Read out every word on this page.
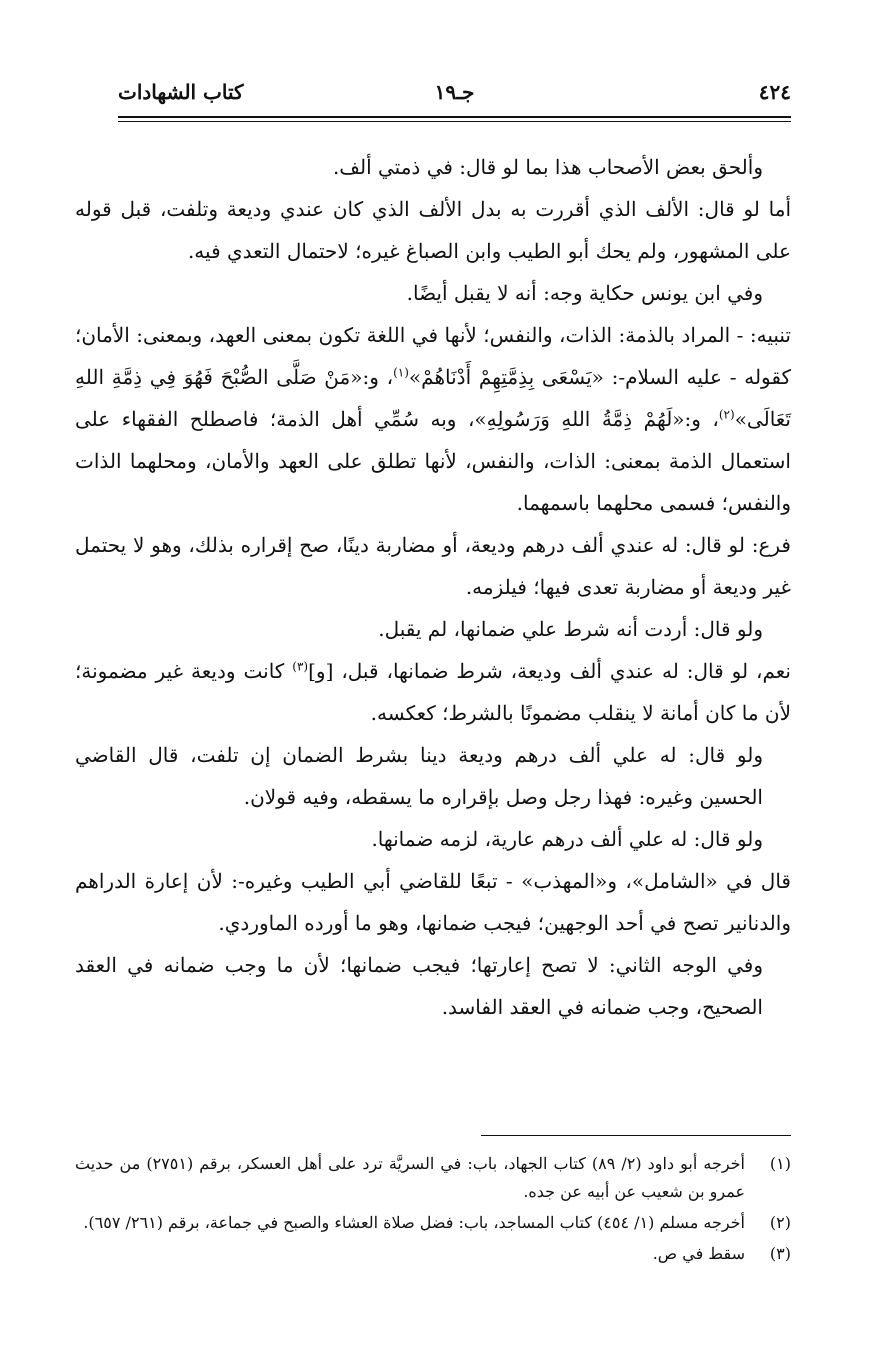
٤٢٤
جـ١٩
كتاب الشهادات

وألحق بعض الأصحاب هذا بما لو قال: في ذمتي ألف.

أما لو قال: الألف الذي أقررت به بدل الألف الذي كان عندي وديعة وتلفت، قبل قوله على المشهور، ولم يحك أبو الطيب وابن الصباغ غيره؛ لاحتمال التعدي فيه.

وفي ابن يونس حكاية وجه: أنه لا يقبل أيضًا.

تنبيه: - المراد بالذمة: الذات، والنفس؛ لأنها في اللغة تكون بمعنى العهد، وبمعنى: الأمان؛ كقوله - عليه السلام-: «يَسْعَى بِذِمَّتِهِمْ أَدْنَاهُمْ»$^{(١)}$، و:«مَنْ صَلَّى الصُّبْحَ فَهُوَ فِي ذِمَّةِ اللهِ تَعَالَى»$^{(٢)}$، و:«لَهُمْ ذِمَّةُ اللهِ وَرَسُولِهِ»، وبه سُمِّي أهل الذمة؛ فاصطلح الفقهاء على استعمال الذمة بمعنى: الذات، والنفس، لأنها تطلق على العهد والأمان، ومحلهما الذات والنفس؛ فسمى محلهما باسمهما.

فرع: لو قال: له عندي ألف درهم وديعة، أو مضاربة دينًا، صح إقراره بذلك، وهو لا يحتمل غير وديعة أو مضاربة تعدى فيها؛ فيلزمه.

ولو قال: أردت أنه شرط علي ضمانها، لم يقبل.

نعم، لو قال: له عندي ألف وديعة، شرط ضمانها، قبل، [و]$^{(٣)}$ كانت وديعة غير مضمونة؛ لأن ما كان أمانة لا ينقلب مضمونًا بالشرط؛ كعكسه.

ولو قال: له علي ألف درهم وديعة دينا بشرط الضمان إن تلفت، قال القاضي الحسين وغيره: فهذا رجل وصل بإقراره ما يسقطه، وفيه قولان.

ولو قال: له علي ألف درهم عارية، لزمه ضمانها.

قال في «الشامل»، و«المهذب» - تبعًا للقاضي أبي الطيب وغيره-: لأن إعارة الدراهم والدنانير تصح في أحد الوجهين؛ فيجب ضمانها، وهو ما أورده الماوردي.

وفي الوجه الثاني: لا تصح إعارتها؛ فيجب ضمانها؛ لأن ما وجب ضمانه في العقد الصحيح، وجب ضمانه في العقد الفاسد.

(١)
أخرجه أبو داود (٢/ ٨٩) كتاب الجهاد، باب: في السريَّة ترد على أهل العسكر، برقم (٢٧٥١) من حديث عمرو بن شعيب عن أبيه عن جده.
(٢)
أخرجه مسلم (١/ ٤٥٤) كتاب المساجد، باب: فضل صلاة العشاء والصبح في جماعة، برقم (٢٦١/ ٦٥٧).
(٣)
سقط في ص.
